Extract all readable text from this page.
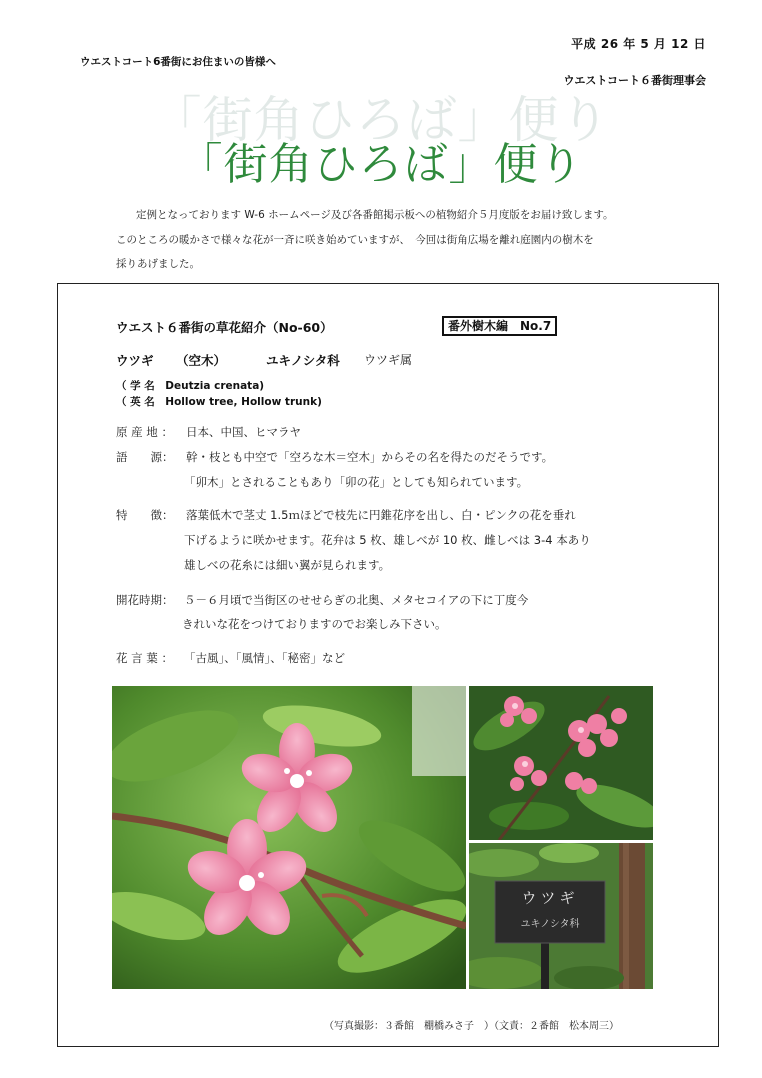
平成 26 年 5 月 12 日
ウエストコート6番街にお住まいの皆様へ
ウエストコート６番街理事会
「街角ひろば」便り
「街角ひろば」便り
定例となっております W-6 ホームページ及び各番館掲示板への植物紹介５月度版をお届け致します。
このところの暖かさで様々な花が一斉に咲き始めていますが、　今回は街角広場を離れ庭園内の樹木を
採りあげました。
ウエスト６番街の草花紹介（No-60）	番外樹木編　No.7
ウツギ （空木）	ユキノシタ科 ウツギ属
（ 学 名　Deutzia crenata)
（ 英 名　Hollow tree, Hollow trunk)
原 産 地 ： 日本、中国、ヒマラヤ
語　　源： 幹・枝とも中空で「空ろな木＝空木」からその名を得たのだそうです。
「卯木」とされることもあり「卯の花」としても知られています。
特　　徴： 落葉低木で茎丈 1.5ｍほどで枝先に円錐花序を出し、白・ピンクの花を垂れ
下げるように咲かせます。花弁は 5 枚、雄しべが 10 枚、雌しべは 3-4 本あり
雄しべの花糸には細い翼が見られます。
開花時期： ５－６月頃で当街区のせせらぎの北奥、メタセコイアの下に丁度今
きれいな花をつけておりますのでお楽しみ下さい。
花 言 葉 ： 「古風」、「風情」、「秘密」など
ウツギ
ユキノシタ科
（写真撮影：３番館　棚橋みさ子　）（文責：２番館　松本周三）
